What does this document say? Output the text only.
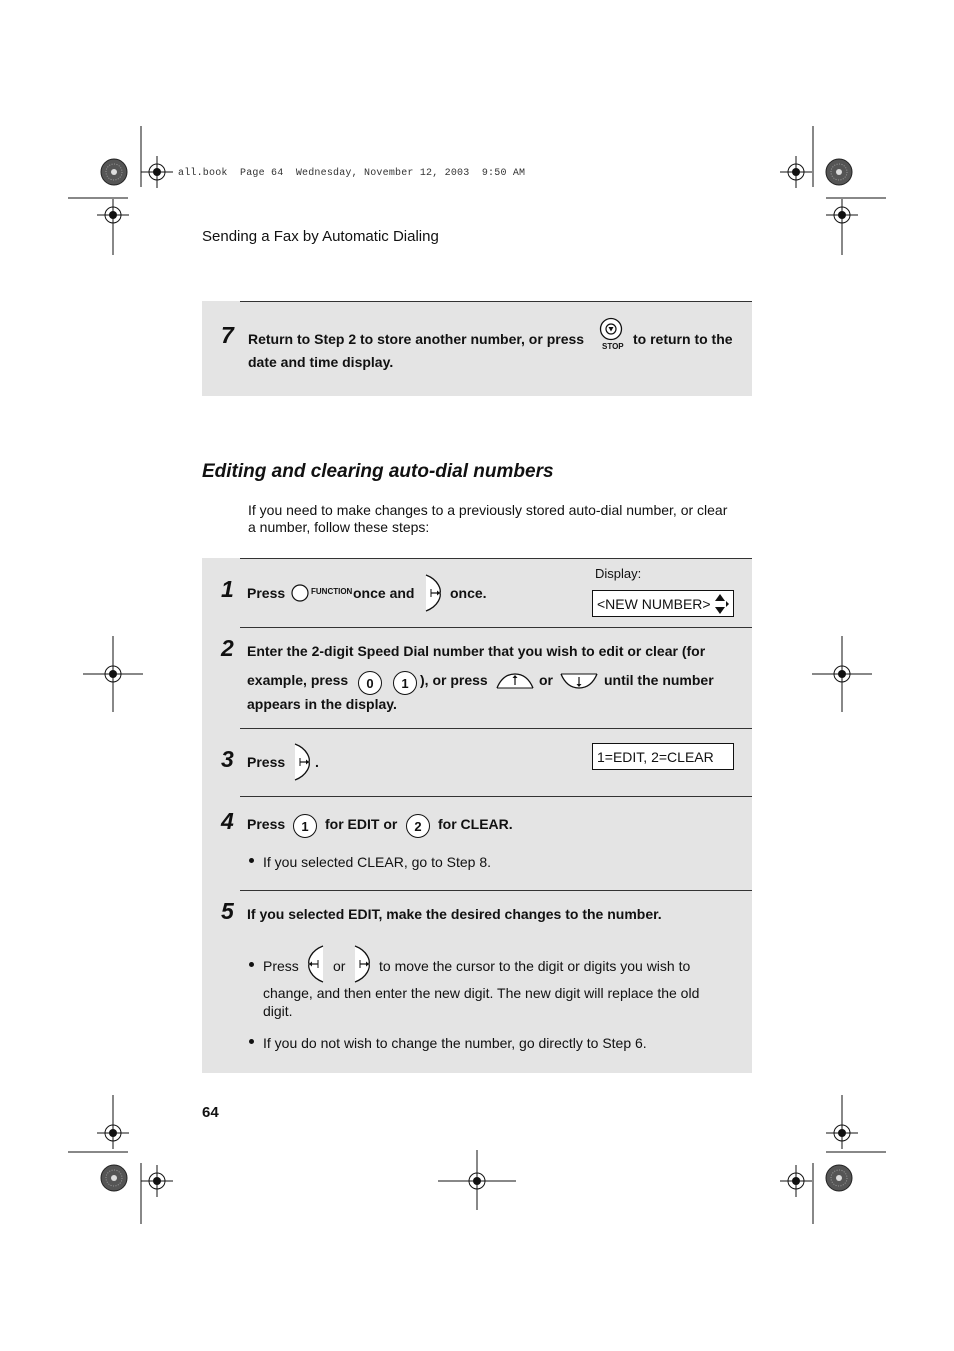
all.book  Page 64  Wednesday, November 12, 2003  9:50 AM
Sending a Fax by Automatic Dialing
7 Return to Step 2 to store another number, or press STOP to return to the
date and time display.
Editing and clearing auto-dial numbers
If you need to make changes to a previously stored auto-dial number, or clear
a number, follow these steps:
1 Press	FUNCTION once and	once.
Display:
<NEW NUMBER>
2 Enter the 2-digit Speed Dial number that you wish to edit or clear (for
example, press	0	1 ), or press	or	until the number
appears in the display.
3 Press .	1=EDIT, 2=CLEAR
4 Press	1	for EDIT or	2	for CLEAR.
If you selected CLEAR, go to Step 8.
5 If you selected EDIT, make the desired changes to the number.
Press or to move the cursor to the digit or digits you wish to
change, and then enter the new digit. The new digit will replace the old
digit.
If you do not wish to change the number, go directly to Step 6.
64
